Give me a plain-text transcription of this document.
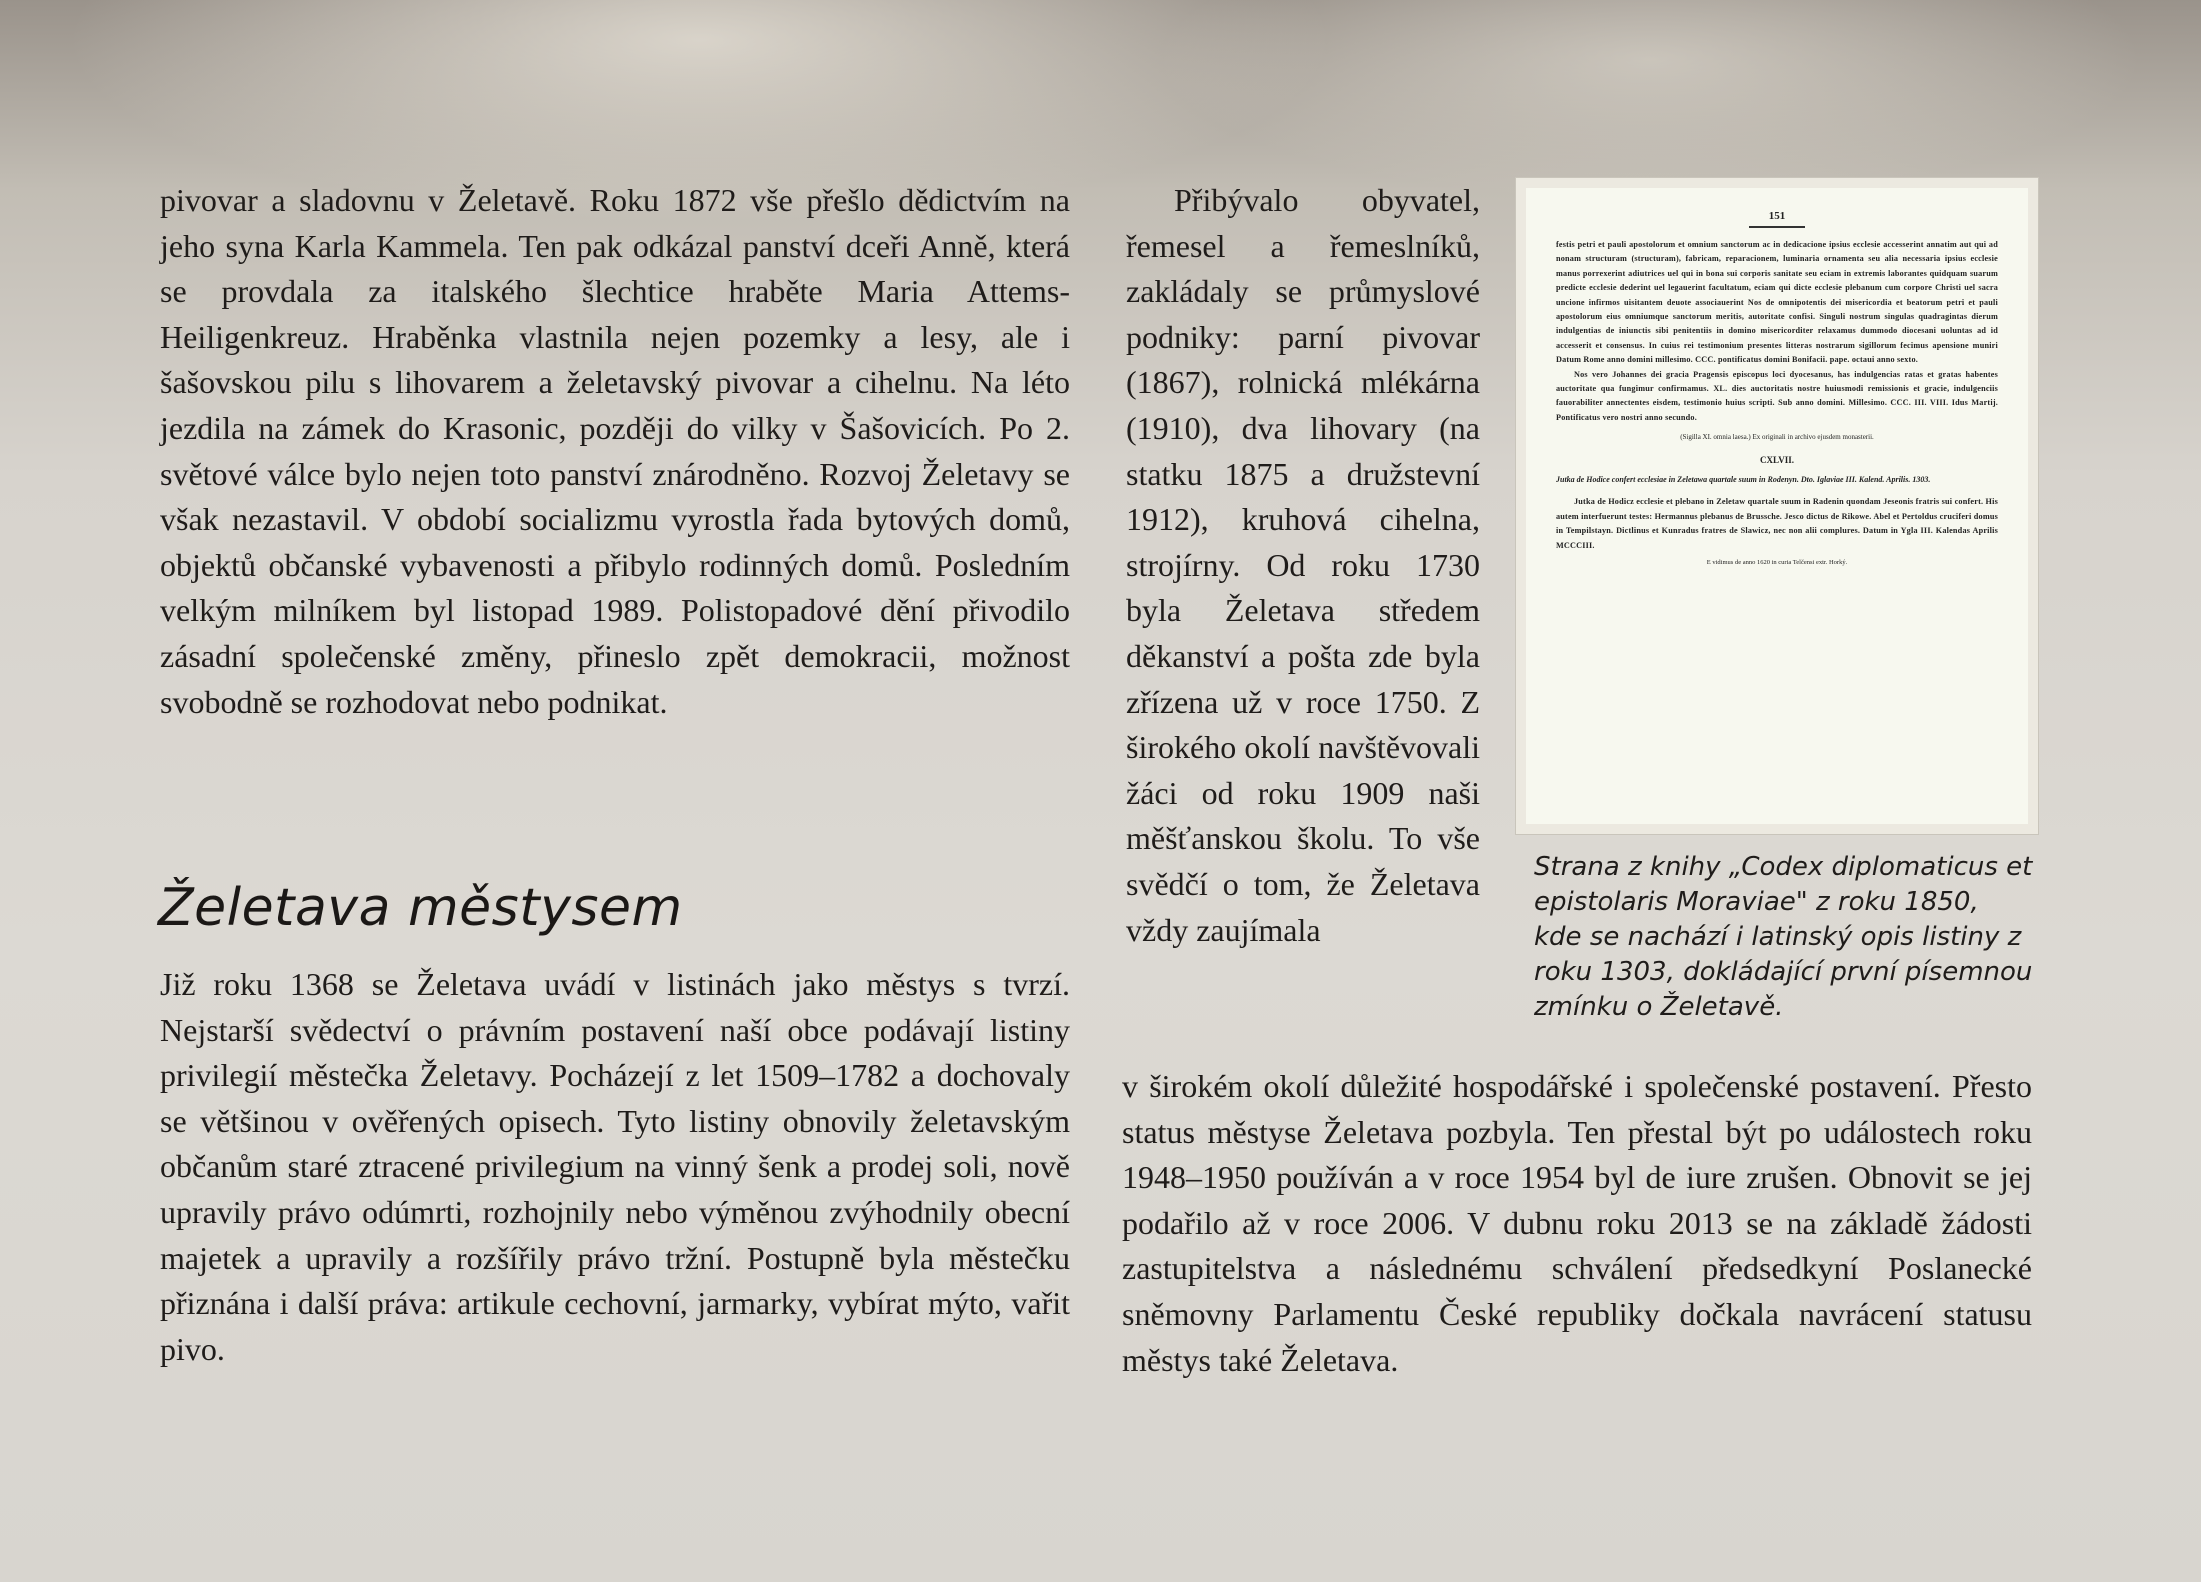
pivovar a sladovnu v Želetavě. Roku 1872 vše přešlo dědictvím na jeho syna Karla Kammela. Ten pak odkázal panství dceři Anně, která se provdala za italského šlechtice hraběte Maria Attems-Heiligenkreuz. Hraběnka vlastnila nejen pozemky a lesy, ale i šašovskou pilu s lihovarem a želetavský pivovar a cihelnu. Na léto jezdila na zámek do Krasonic, později do vilky v Šašovicích. Po 2. světové válce bylo nejen toto panství znárodněno. Rozvoj Želetavy se však nezastavil. V období socializmu vyrostla řada bytových domů, objektů občanské vybavenosti a přibylo rodinných domů. Posledním velkým milníkem byl listopad 1989. Polistopadové dění přivodilo zásadní společenské změny, přineslo zpět demokracii, možnost svobodně se rozhodovat nebo podnikat.

Želetava městysem

Již roku 1368 se Želetava uvádí v listinách jako městys s tvrzí. Nejstarší svědectví o právním postavení naší obce podávají listiny privilegií městečka Želetavy. Pocházejí z let 1509–1782 a dochovaly se většinou v ověřených opisech. Tyto listiny obnovily želetavským občanům staré ztracené privilegium na vinný šenk a prodej soli, nově upravily právo odúmrti, rozhojnily nebo výměnou zvýhodnily obecní majetek a upravily a rozšířily právo tržní. Postupně byla městečku přiznána i další práva: artikule cechovní, jarmarky, vybírat mýto, vařit pivo.

Přibývalo obyvatel, řemesel a řemeslníků, zakládaly se průmyslové podniky: parní pivovar (1867), rolnická mlékárna (1910), dva lihovary (na statku 1875 a družstevní 1912), kruhová cihelna, strojírny. Od roku 1730 byla Želetava středem děkanství a pošta zde byla zřízena už v roce 1750. Z širokého okolí navštěvovali žáci od roku 1909 naši měšťanskou školu. To vše svědčí o tom, že Želetava vždy zaujímala

v širokém okolí důležité hospodářské i společenské postavení. Přesto status městyse Želetava pozbyla. Ten přestal být po událostech roku 1948–1950 používán a v roce 1954 byl de iure zrušen. Obnovit se jej podařilo až v roce 2006. V dubnu roku 2013 se na základě žádosti zastupitelstva a následnému schválení předsedkyní Poslanecké sněmovny Parlamentu České republiky dočkala navrácení statusu městys také Želetava.

151
festis petri et pauli apostolorum et omnium sanctorum ac in dedicacione ipsius ecclesie accesserint annatim aut qui ad nonam structuram (structuram), fabricam, reparacionem, luminaria ornamenta seu alia necessaria ipsius ecclesie manus porrexerint adiutrices uel qui in bona sui corporis sanitate seu eciam in extremis laborantes quidquam suarum predicte ecclesie dederint uel legauerint facultatum, eciam qui dicte ecclesie plebanum cum corpore Christi uel sacra uncione infirmos uisitantem deuote associauerint Nos de omnipotentis dei misericordia et beatorum petri et pauli apostolorum eius omniumque sanctorum meritis, autoritate confisi. Singuli nostrum singulas quadragintas dierum indulgentias de iniunctis sibi penitentiis in domino misericorditer relaxamus dummodo diocesani uoluntas ad id accesserit et consensus. In cuius rei testimonium presentes litteras nostrarum sigillorum fecimus apensione muniri Datum Rome anno domini millesimo. CCC. pontificatus domini Bonifacii. pape. octaui anno sexto.
Nos vero Johannes dei gracia Pragensis episcopus loci dyocesanus, has indulgencias ratas et gratas habentes auctoritate qua fungimur confirmamus. XL. dies auctoritatis nostre huiusmodi remissionis et gracie, indulgenciis fauorabiliter annectentes eisdem, testimonio huius scripti. Sub anno domini. Millesimo. CCC. III. VIII. Idus Martij. Pontificatus vero nostri anno secundo.
(Sigilla XI. omnia laesa.) Ex originali in archivo ejusdem monasterii.
CXLVII.
Jutka de Hodice confert ecclesiae in Zeletawa quartale suum in Rodenyn. Dto. Iglaviae III. Kalend. Aprilis. 1303.
Jutka de Hodicz ecclesie et plebano in Zeletaw quartale suum in Radenin quondam Jeseonis fratris sui confert. His autem interfuerunt testes: Hermannus plebanus de Brussche. Jesco dictus de Rikowe. Abel et Pertoldus cruciferi domus in Tempilstayn. Dictlinus et Kunradus fratres de Slawicz, nec non alii complures. Datum in Ygla III. Kalendas Aprilis MCCCIII.
E vidimus de anno 1620 in curia Telčensi extr. Horký.
Strana z knihy „Codex diplomaticus et epistolaris Moraviae" z roku 1850, kde se nachází i latinský opis listiny z roku 1303, dokládající první písemnou zmínku o Želetavě.
